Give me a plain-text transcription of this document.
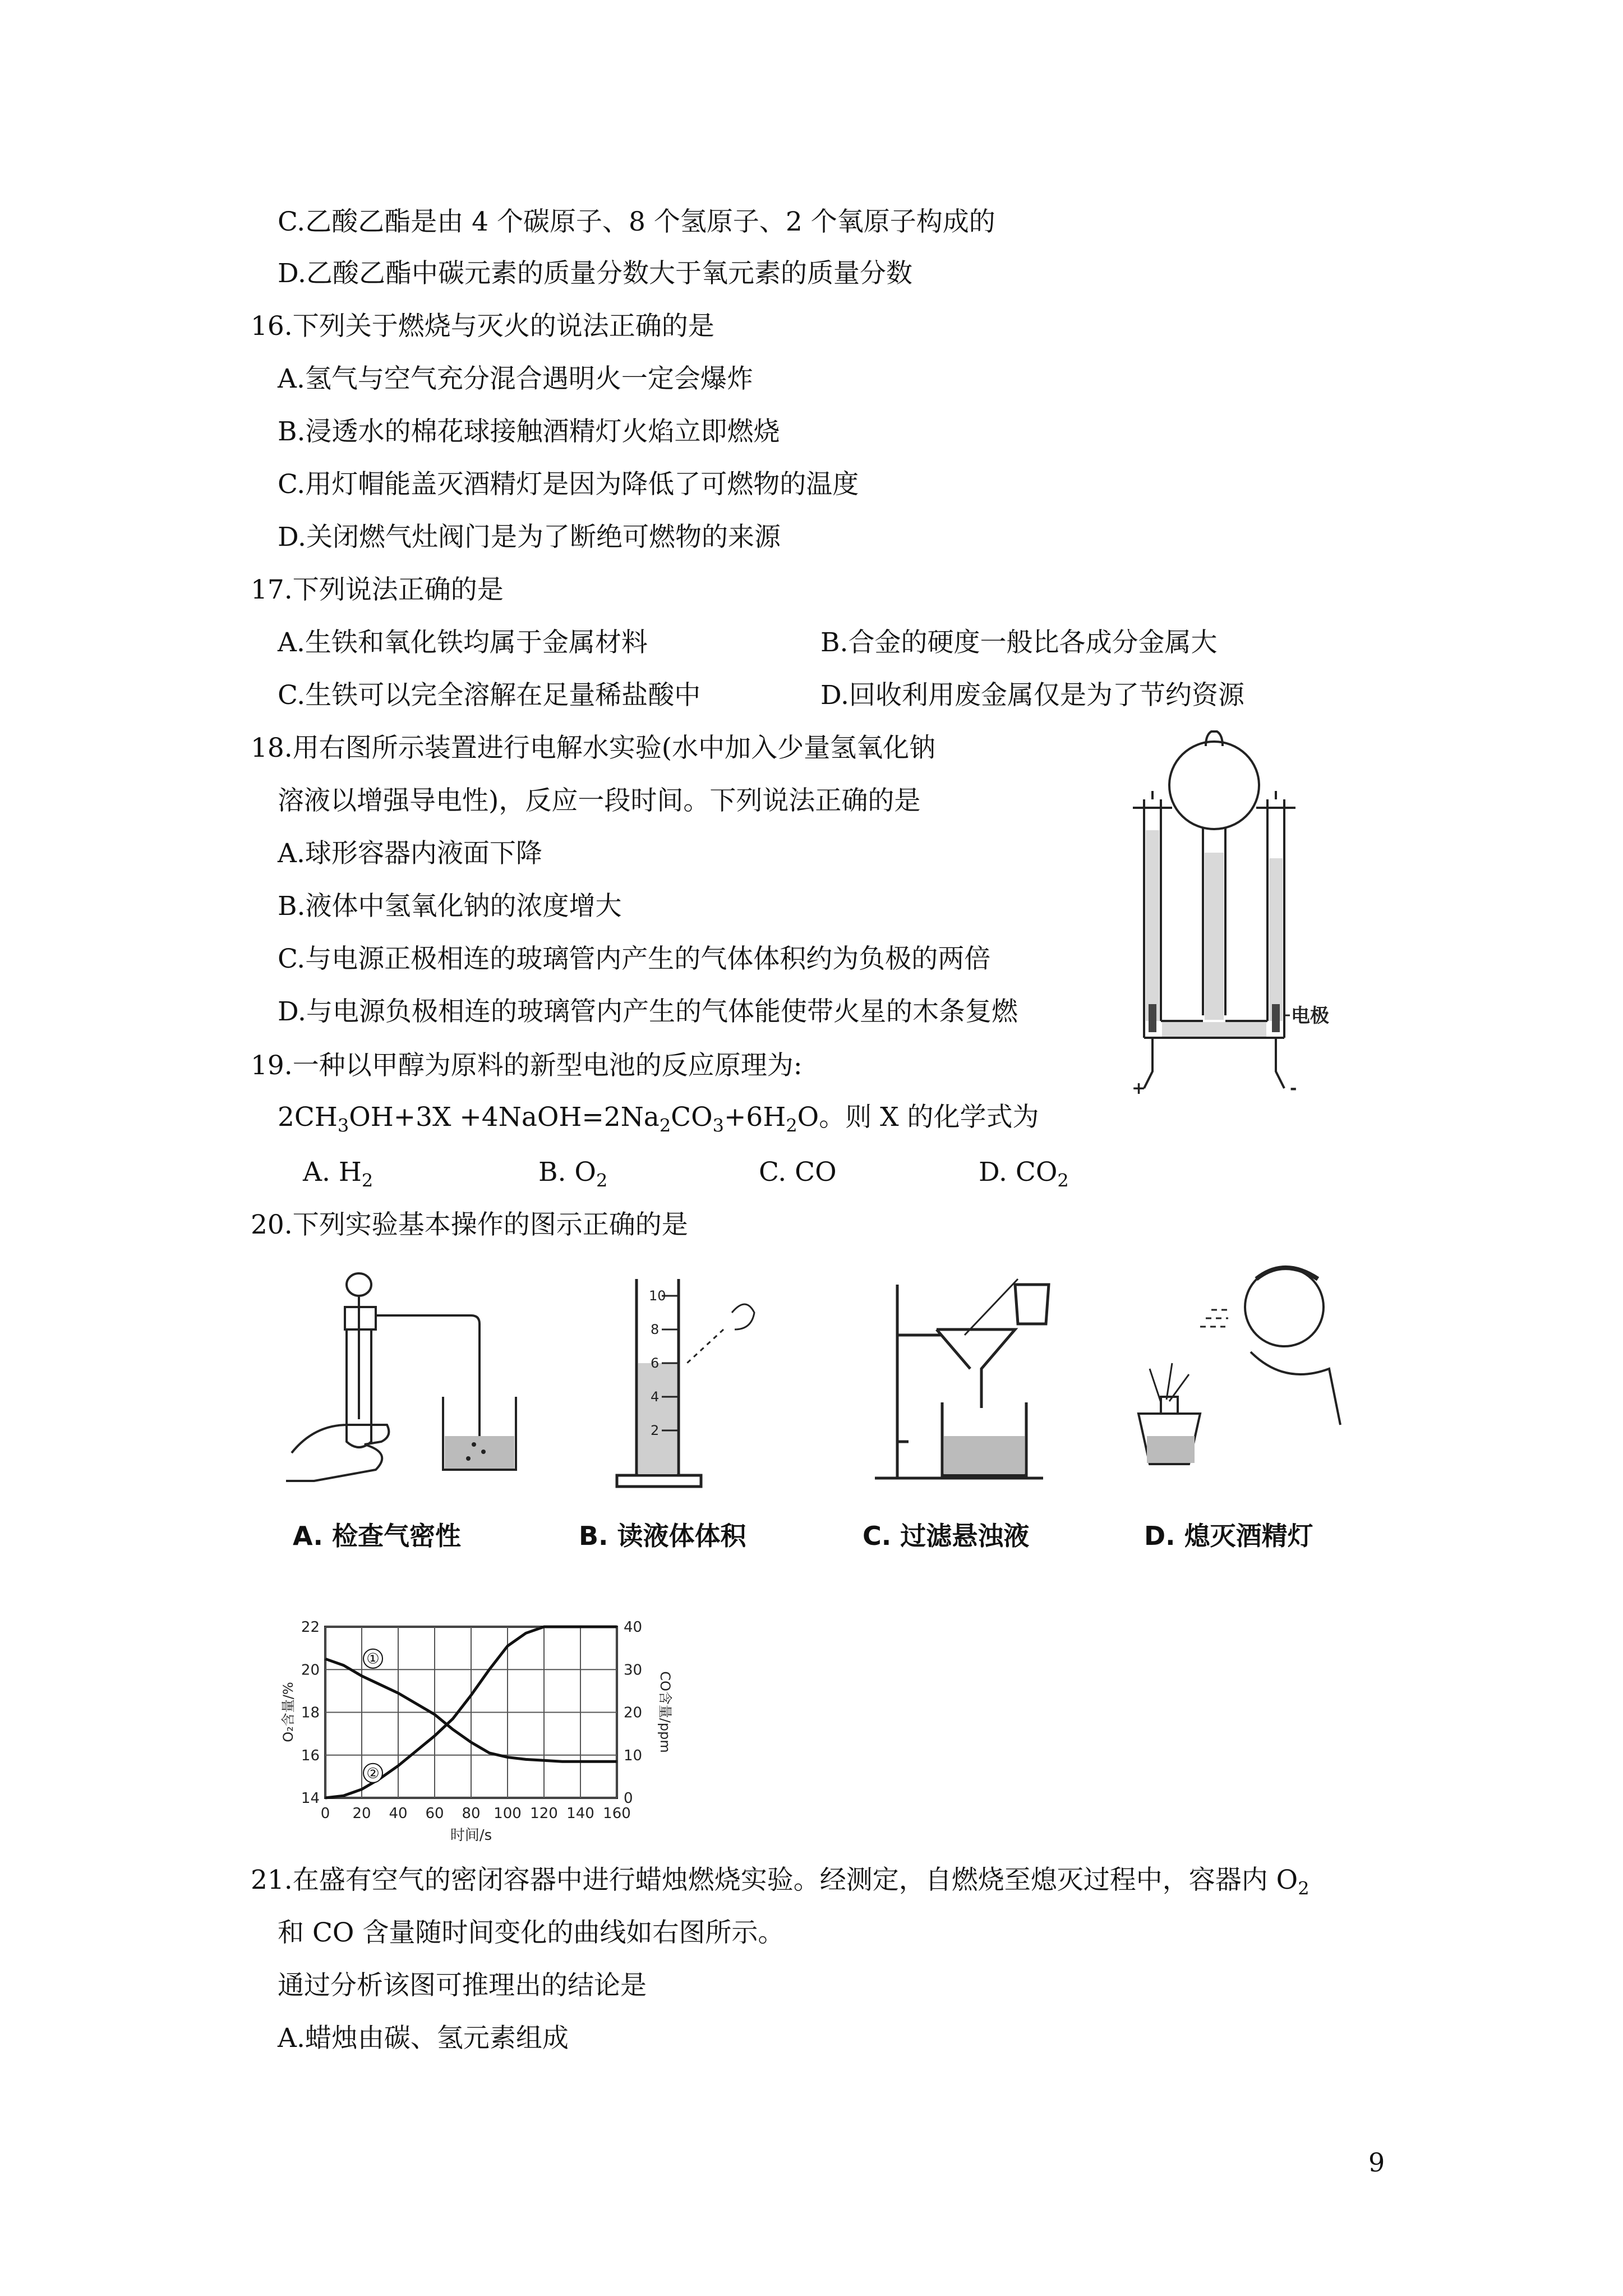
C.乙酸乙酯是由 4 个碳原子、8 个氢原子、2 个氧原子构成的
D.乙酸乙酯中碳元素的质量分数大于氧元素的质量分数
16.下列关于燃烧与灭火的说法正确的是
A.氢气与空气充分混合遇明火一定会爆炸
B.浸透水的棉花球接触酒精灯火焰立即燃烧
C.用灯帽能盖灭酒精灯是因为降低了可燃物的温度
D.关闭燃气灶阀门是为了断绝可燃物的来源
17.下列说法正确的是
A.生铁和氧化铁均属于金属材料	B.合金的硬度一般比各成分金属大
C.生铁可以完全溶解在足量稀盐酸中	D.回收利用废金属仅是为了节约资源
18.用右图所示装置进行电解水实验(水中加入少量氢氧化钠
溶液以增强导电性)，反应一段时间。下列说法正确的是
A.球形容器内液面下降
B.液体中氢氧化钠的浓度增大
C.与电源正极相连的玻璃管内产生的气体体积约为负极的两倍
D.与电源负极相连的玻璃管内产生的气体能使带火星的木条复燃
+	-
电极
19.一种以甲醇为原料的新型电池的反应原理为:
$2CH_3OH+3X$ $+4NaOH=2Na_2CO_3+6H_2O$。则 X 的化学式为
A. $H_2$	B. $O_2$	C. CO	D. $CO_2$
20.下列实验基本操作的图示正确的是
A. 检查气密性
10
8
6
4
2
B. 读液体体积	C. 过滤悬浊液	D. 熄灭酒精灯
14
16
18
20
22
0
10
20
30
40
0 20 40 60 80 100 120 140 160
①
②
O₂含量/%	CO含量/ppm
时间/s
21.在盛有空气的密闭容器中进行蜡烛燃烧实验。经测定，自燃烧至熄灭过程中，容器内 $O_2$
和 CO 含量随时间变化的曲线如右图所示。
通过分析该图可推理出的结论是
A.蜡烛由碳、氢元素组成
9
